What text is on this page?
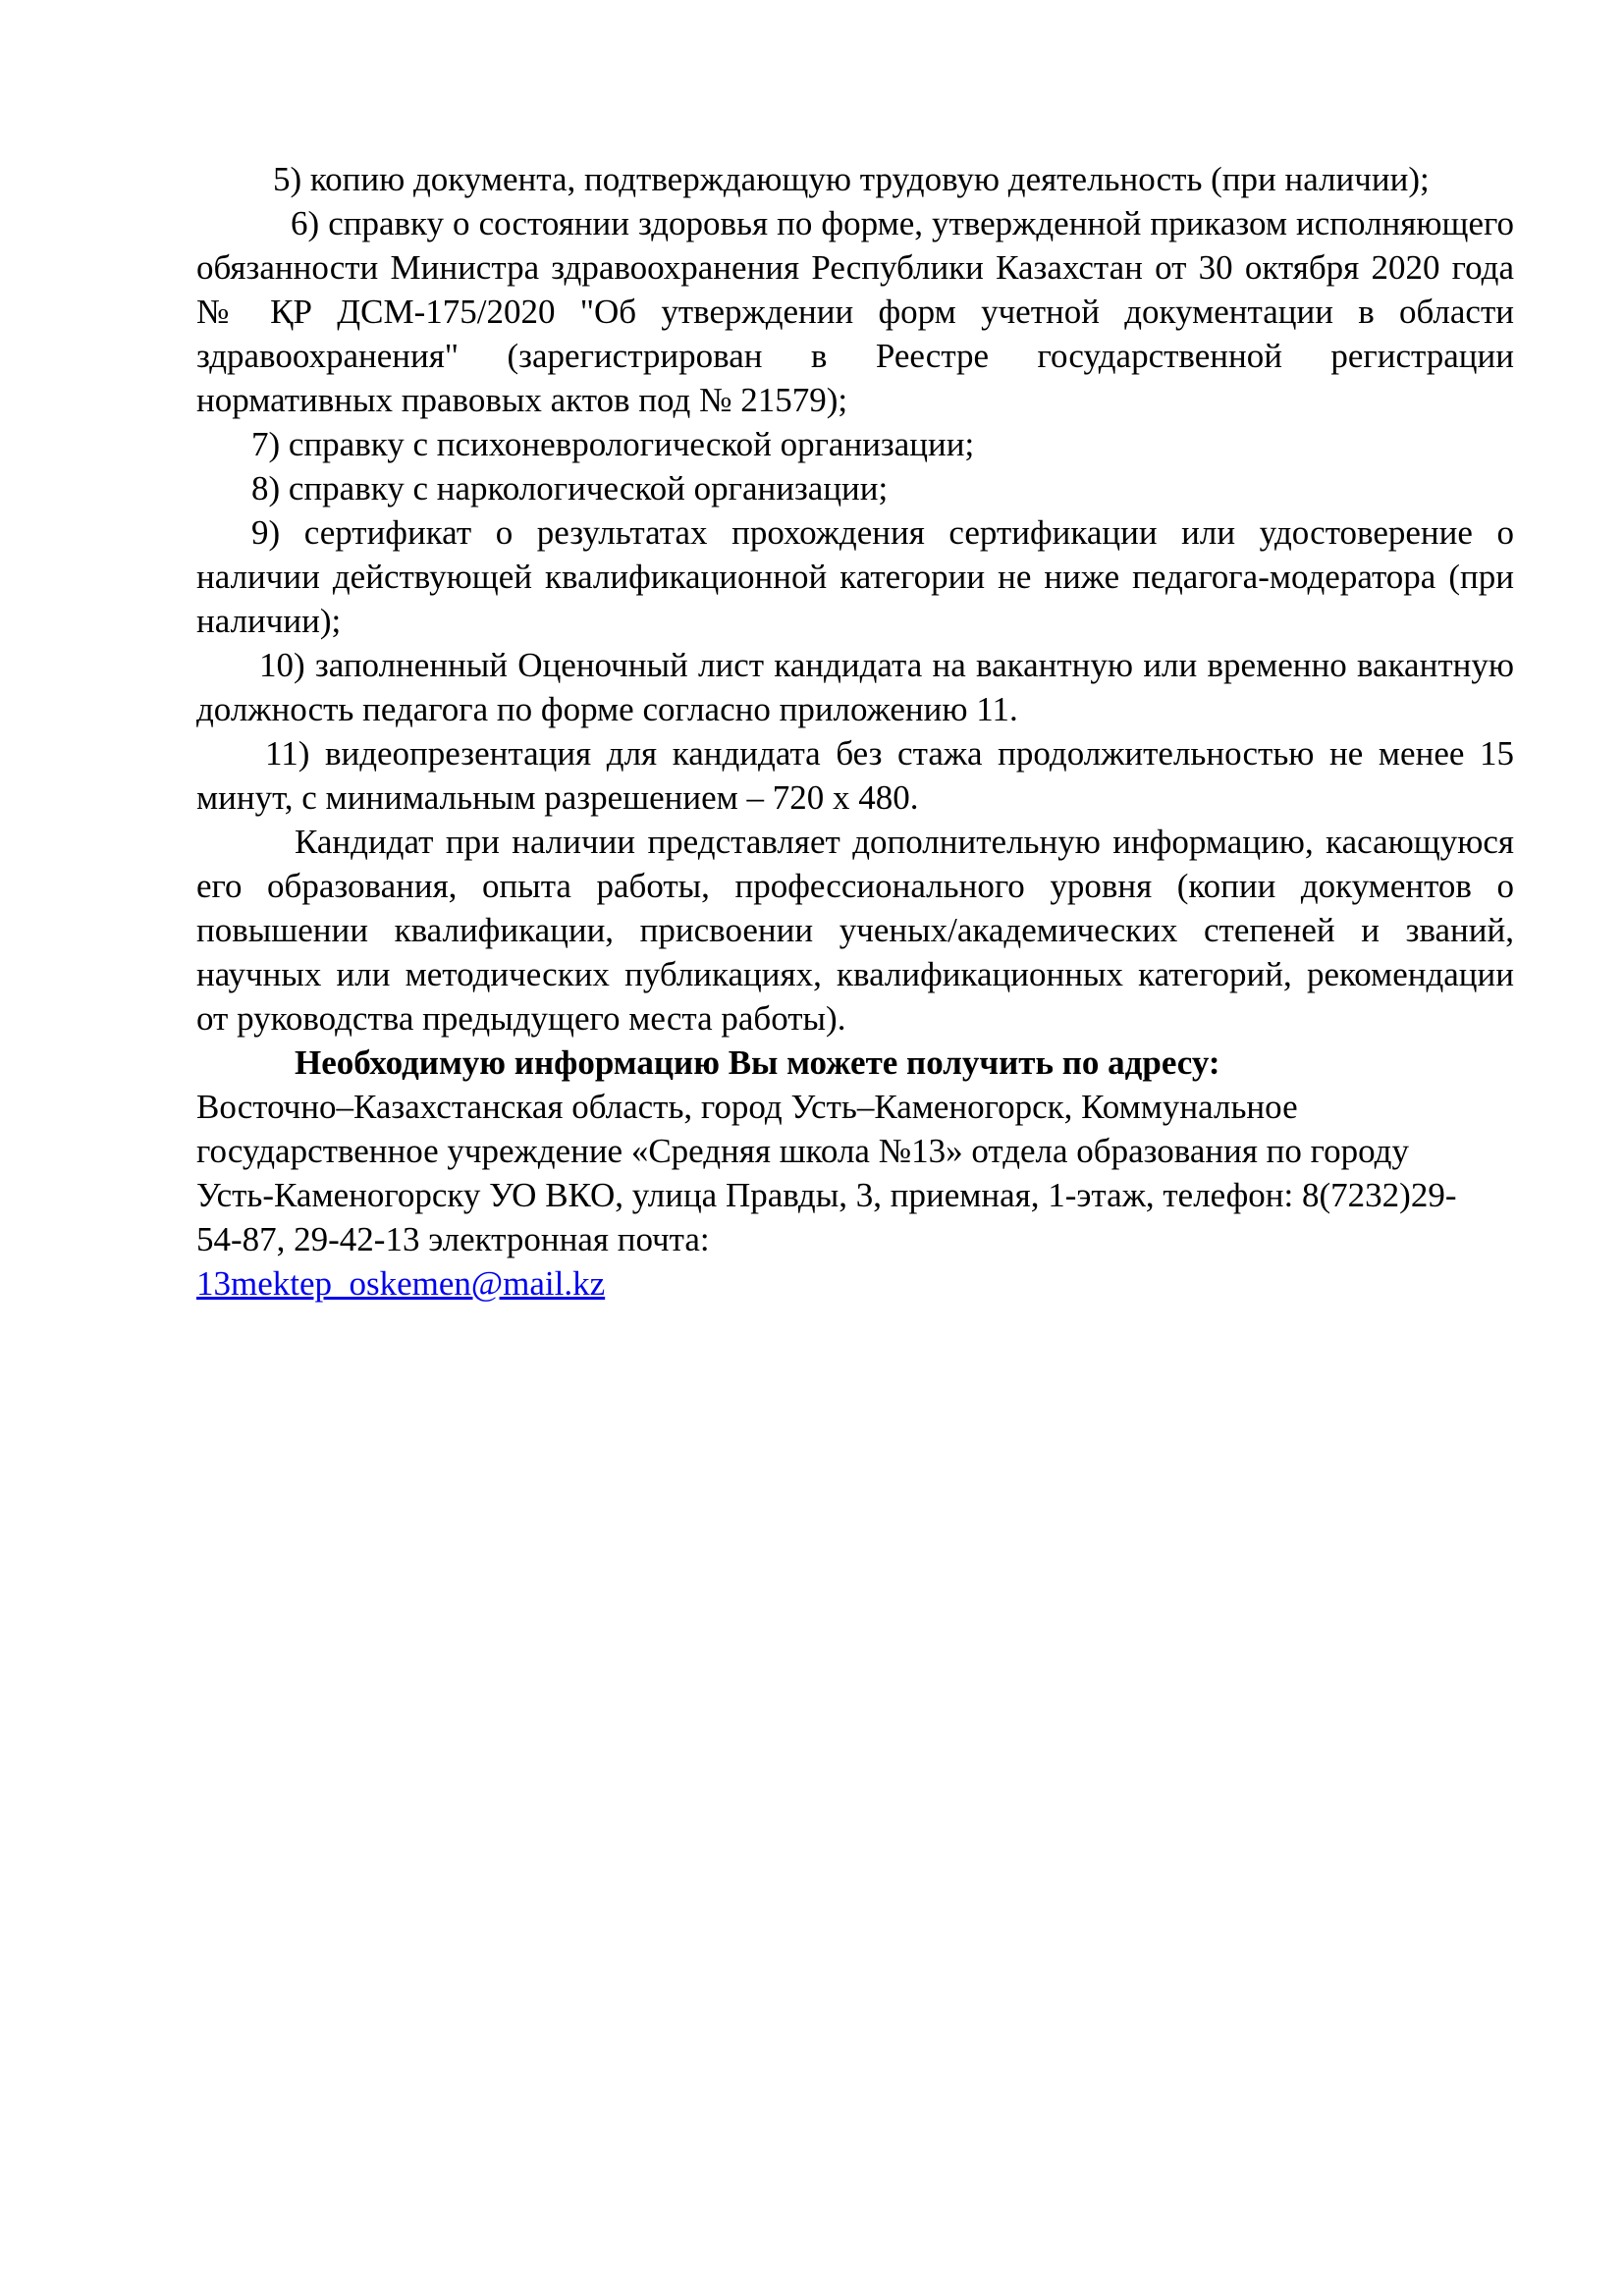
5) копию документа, подтверждающую трудовую деятельность (при наличии);

6) справку о состоянии здоровья по форме, утвержденной приказом исполняющего обязанности Министра здравоохранения Республики Казахстан от 30 октября 2020 года № ҚР ДСМ-175/2020 "Об утверждении форм учетной документации в области здравоохранения" (зарегистрирован в Реестре государственной регистрации нормативных правовых актов под № 21579);

7) справку с психоневрологической организации;

8) справку с наркологической организации;

9) сертификат о результатах прохождения сертификации или удостоверение о наличии действующей квалификационной категории не ниже педагога-модератора (при наличии);

10) заполненный Оценочный лист кандидата на вакантную или временно вакантную должность педагога по форме согласно приложению 11.

11) видеопрезентация для кандидата без стажа продолжительностью не менее 15 минут, с минимальным разрешением – 720 х 480.

Кандидат при наличии представляет дополнительную информацию, касающуюся его образования, опыта работы, профессионального уровня (копии документов о повышении квалификации, присвоении ученых/академических степеней и званий, научных или методических публикациях, квалификационных категорий, рекомендации от руководства предыдущего места работы).

Необходимую информацию Вы можете получить по адресу:

Восточно–Казахстанская область, город Усть–Каменогорск, Коммунальное государственное учреждение «Средняя школа №13» отдела образования по городу Усть-Каменогорску УО ВКО, улица Правды, 3, приемная, 1-этаж, телефон: 8(7232)29-54-87, 29-42-13 электронная почта:

13mektep_oskemen@mail.kz
